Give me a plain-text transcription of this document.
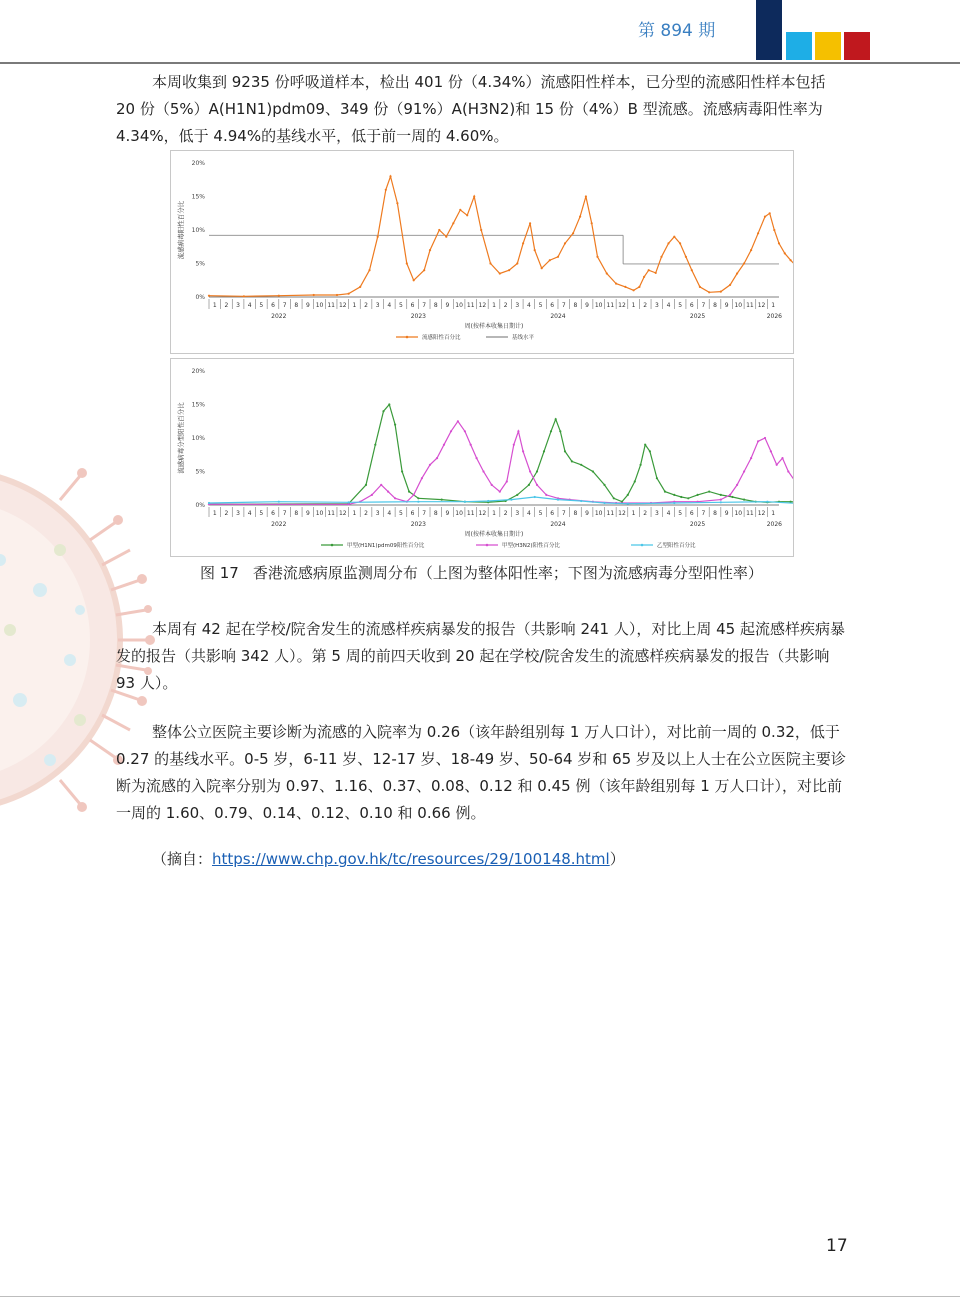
第 894 期

本周收集到 9235 份呼吸道样本，检出 401 份（4.34%）流感阳性样本，已分型的流感阳性样本包括 20 份（5%）A(H1N1)pdm09、349 份（91%）A(H3N2)和 15 份（4%）B 型流感。流感病毒阳性率为 4.34%，低于 4.94%的基线水平，低于前一周的 4.60%。

0%
5%
10%
15%
20%
1 2 3 4 5 6 7 8 9 10 11 12 1 2 3 4 5 6 7 8 9 10 11 12 1 2 3 4 5 6 7 8 9 10 11 12 1 2 3 4 5 6 7 8 9 10 11 12 1
2022	2023	2024	2025	2026
周(按样本收集日期计)
流感病毒阳性百分比
流感阳性百分比	基线水平
0%
5%
10%
15%
20%
1 2 3 4 5 6 7 8 9 10 11 12 1 2 3 4 5 6 7 8 9 10 11 12 1 2 3 4 5 6 7 8 9 10 11 12 1 2 3 4 5 6 7 8 9 10 11 12 1
2022	2023	2024	2025	2026
周(按样本收集日期计)
流感病毒分型阳性百分比
甲型(H1N1)pdm09阳性百分比	甲型(H3N2)阳性百分比	乙型阳性百分比
图 17 香港流感病原监测周分布（上图为整体阳性率；下图为流感病毒分型阳性率）

本周有 42 起在学校/院舍发生的流感样疾病暴发的报告（共影响 241 人），对比上周 45 起流感样疾病暴发的报告（共影响 342 人）。第 5 周的前四天收到 20 起在学校/院舍发生的流感样疾病暴发的报告（共影响 93 人）。

整体公立医院主要诊断为流感的入院率为 0.26（该年龄组别每 1 万人口计），对比前一周的 0.32，低于 0.27 的基线水平。0-5 岁，6-11 岁、12-17 岁、18-49 岁、50-64 岁和 65 岁及以上人士在公立医院主要诊断为流感的入院率分别为 0.97、1.16、0.37、0.08、0.12 和 0.45 例（该年龄组别每 1 万人口计），对比前一周的 1.60、0.79、0.14、0.12、0.10 和 0.66 例。

（摘自：https://www.chp.gov.hk/tc/resources/29/100148.html）
17
